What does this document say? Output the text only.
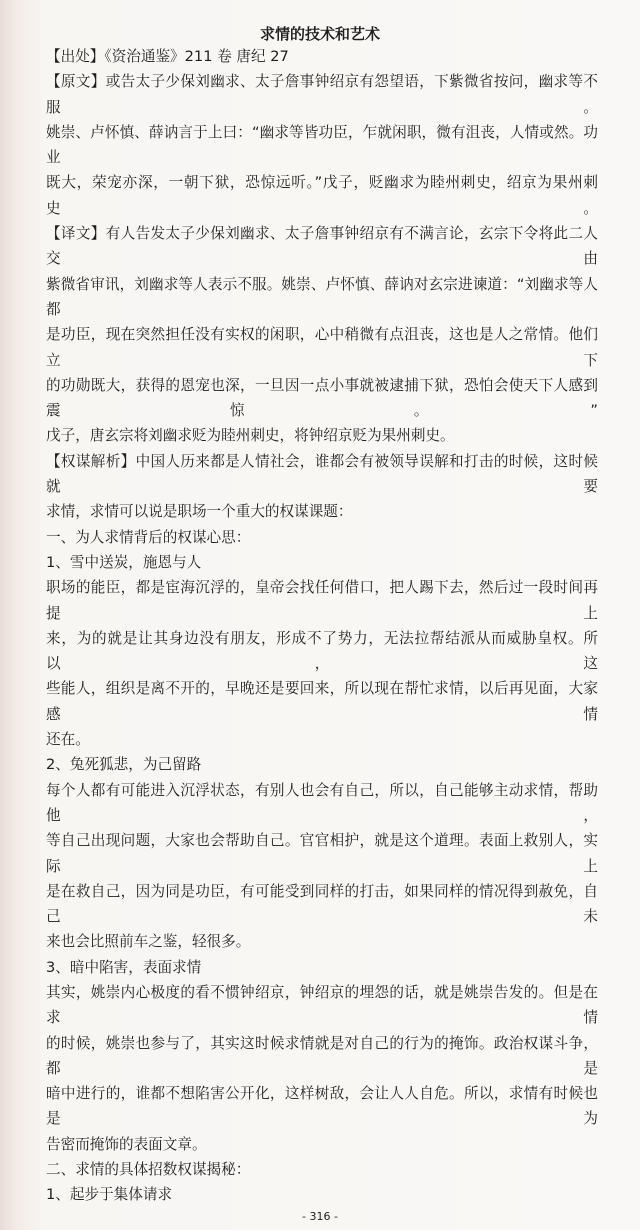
求情的技术和艺术
【出处】《资治通鉴》211 卷 唐纪 27
【原文】或告太子少保刘幽求、太子詹事钟绍京有怨望语，下紫微省按问，幽求等不服。
姚崇、卢怀慎、薛讷言于上曰：“幽求等皆功臣，乍就闲职，微有沮丧，人情或然。功业
既大，荣宠亦深，一朝下狱，恐惊远听。”戊子，贬幽求为睦州刺史，绍京为果州刺史。
【译文】有人告发太子少保刘幽求、太子詹事钟绍京有不满言论，玄宗下令将此二人交由
紫微省审讯，刘幽求等人表示不服。姚崇、卢怀慎、薛讷对玄宗进谏道：“刘幽求等人都
是功臣，现在突然担任没有实权的闲职，心中稍微有点沮丧，这也是人之常情。他们立下
的功勋既大，获得的恩宠也深，一旦因一点小事就被逮捕下狱，恐怕会使天下人感到震惊。”
戊子，唐玄宗将刘幽求贬为睦州刺史，将钟绍京贬为果州刺史。
【权谋解析】中国人历来都是人情社会，谁都会有被领导误解和打击的时候，这时候就要
求情，求情可以说是职场一个重大的权谋课题：
一、为人求情背后的权谋心思：
1、雪中送炭，施恩与人
职场的能臣，都是宦海沉浮的，皇帝会找任何借口，把人踢下去，然后过一段时间再提上
来，为的就是让其身边没有朋友，形成不了势力，无法拉帮结派从而威胁皇权。所以，这
些能人，组织是离不开的，早晚还是要回来，所以现在帮忙求情，以后再见面，大家感情
还在。
2、兔死狐悲，为己留路
每个人都有可能进入沉浮状态，有别人也会有自己，所以，自己能够主动求情，帮助他，
等自己出现问题，大家也会帮助自己。官官相护，就是这个道理。表面上救别人，实际上
是在救自己，因为同是功臣，有可能受到同样的打击，如果同样的情况得到赦免，自己未
来也会比照前车之鉴，轻很多。
3、暗中陷害，表面求情
其实，姚崇内心极度的看不惯钟绍京，钟绍京的埋怨的话，就是姚崇告发的。但是在求情
的时候，姚崇也参与了，其实这时候求情就是对自己的行为的掩饰。政治权谋斗争，都是
暗中进行的，谁都不想陷害公开化，这样树敌，会让人人自危。所以，求情有时候也是为
告密而掩饰的表面文章。
二、求情的具体招数权谋揭秘：
1、起步于集体请求
- 316 -
